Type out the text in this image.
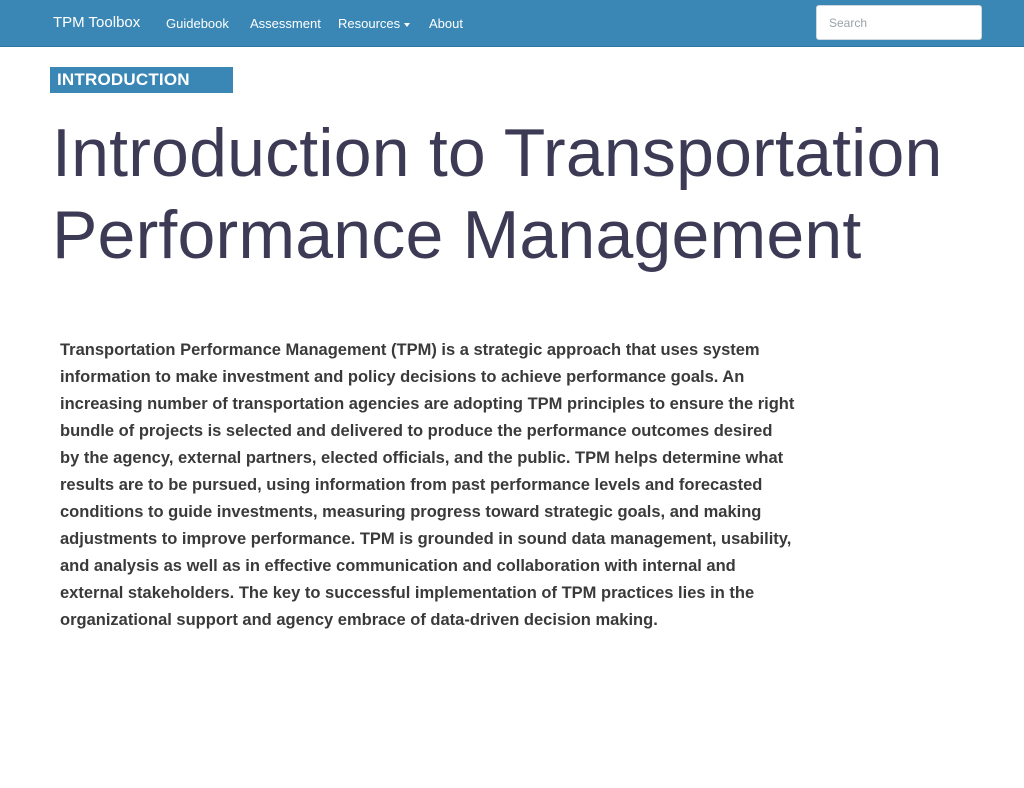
TPM Toolbox Guidebook Assessment Resources	About
Search
INTRODUCTION
Introduction to Transportation Performance Management

Transportation Performance Management (TPM) is a strategic approach that uses system information to make investment and policy decisions to achieve performance goals. An increasing number of transportation agencies are adopting TPM principles to ensure the right bundle of projects is selected and delivered to produce the performance outcomes desired by the agency, external partners, elected officials, and the public. TPM helps determine what results are to be pursued, using information from past performance levels and forecasted conditions to guide investments, measuring progress toward strategic goals, and making adjustments to improve performance. TPM is grounded in sound data management, usability, and analysis as well as in effective communication and collaboration with internal and external stakeholders. The key to successful implementation of TPM practices lies in the organizational support and agency embrace of data-driven decision making.
